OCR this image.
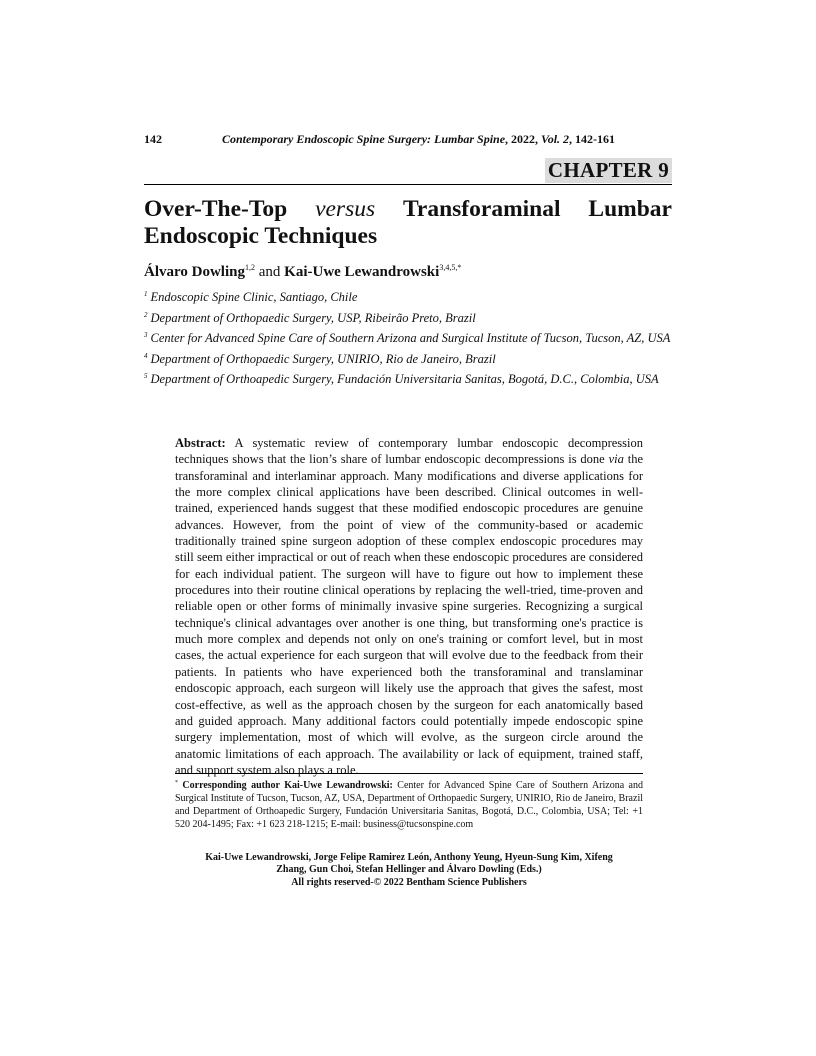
142	Contemporary Endoscopic Spine Surgery: Lumbar Spine, 2022, Vol. 2, 142-161
CHAPTER 9
Over-The-Top versus Transforaminal Lumbar
Endoscopic Techniques
Álvaro Dowling$^{1,2}$ and Kai-Uwe Lewandrowski$^{3,4,5,*}$

$^1$ Endoscopic Spine Clinic, Santiago, Chile

$^2$ Department of Orthopaedic Surgery, USP, Ribeirão Preto, Brazil

$^3$ Center for Advanced Spine Care of Southern Arizona and Surgical Institute of Tucson, Tucson, AZ, USA

$^4$ Department of Orthopaedic Surgery, UNIRIO, Rio de Janeiro, Brazil

$^5$ Department of Orthoapedic Surgery, Fundación Universitaria Sanitas, Bogotá, D.C., Colombia, USA

Abstract: A systematic review of contemporary lumbar endoscopic decompression techniques shows that the lion’s share of lumbar endoscopic decompressions is done via the transforaminal and interlaminar approach. Many modifications and diverse applications for the more complex clinical applications have been described. Clinical outcomes in well-trained, experienced hands suggest that these modified endoscopic procedures are genuine advances. However, from the point of view of the community-based or academic traditionally trained spine surgeon adoption of these complex endoscopic procedures may still seem either impractical or out of reach when these endoscopic procedures are considered for each individual patient. The surgeon will have to figure out how to implement these procedures into their routine clinical operations by replacing the well-tried, time-proven and reliable open or other forms of minimally invasive spine surgeries. Recognizing a surgical technique's clinical advantages over another is one thing, but transforming one's practice is much more complex and depends not only on one's training or comfort level, but in most cases, the actual experience for each surgeon that will evolve due to the feedback from their patients. In patients who have experienced both the transforaminal and translaminar endoscopic approach, each surgeon will likely use the approach that gives the safest, most cost-effective, as well as the approach chosen by the surgeon for each anatomically based and guided approach. Many additional factors could potentially impede endoscopic spine surgery implementation, most of which will evolve, as the surgeon circle around the anatomic limitations of each approach. The availability or lack of equipment, trained staff, and support system also plays a role.

* Corresponding author Kai-Uwe Lewandrowski: Center for Advanced Spine Care of Southern Arizona and Surgical Institute of Tucson, Tucson, AZ, USA, Department of Orthopaedic Surgery, UNIRIO, Rio de Janeiro, Brazil and Department of Orthoapedic Surgery, Fundación Universitaria Sanitas, Bogotá, D.C., Colombia, USA; Tel: +1 520 204-1495; Fax: +1 623 218-1215; E-mail: business@tucsonspine.com

Kai-Uwe Lewandrowski, Jorge Felipe Ramirez León, Anthony Yeung, Hyeun-Sung Kim, Xifeng
Zhang, Gun Choi, Stefan Hellinger and Álvaro Dowling (Eds.)
All rights reserved-© 2022 Bentham Science Publishers
